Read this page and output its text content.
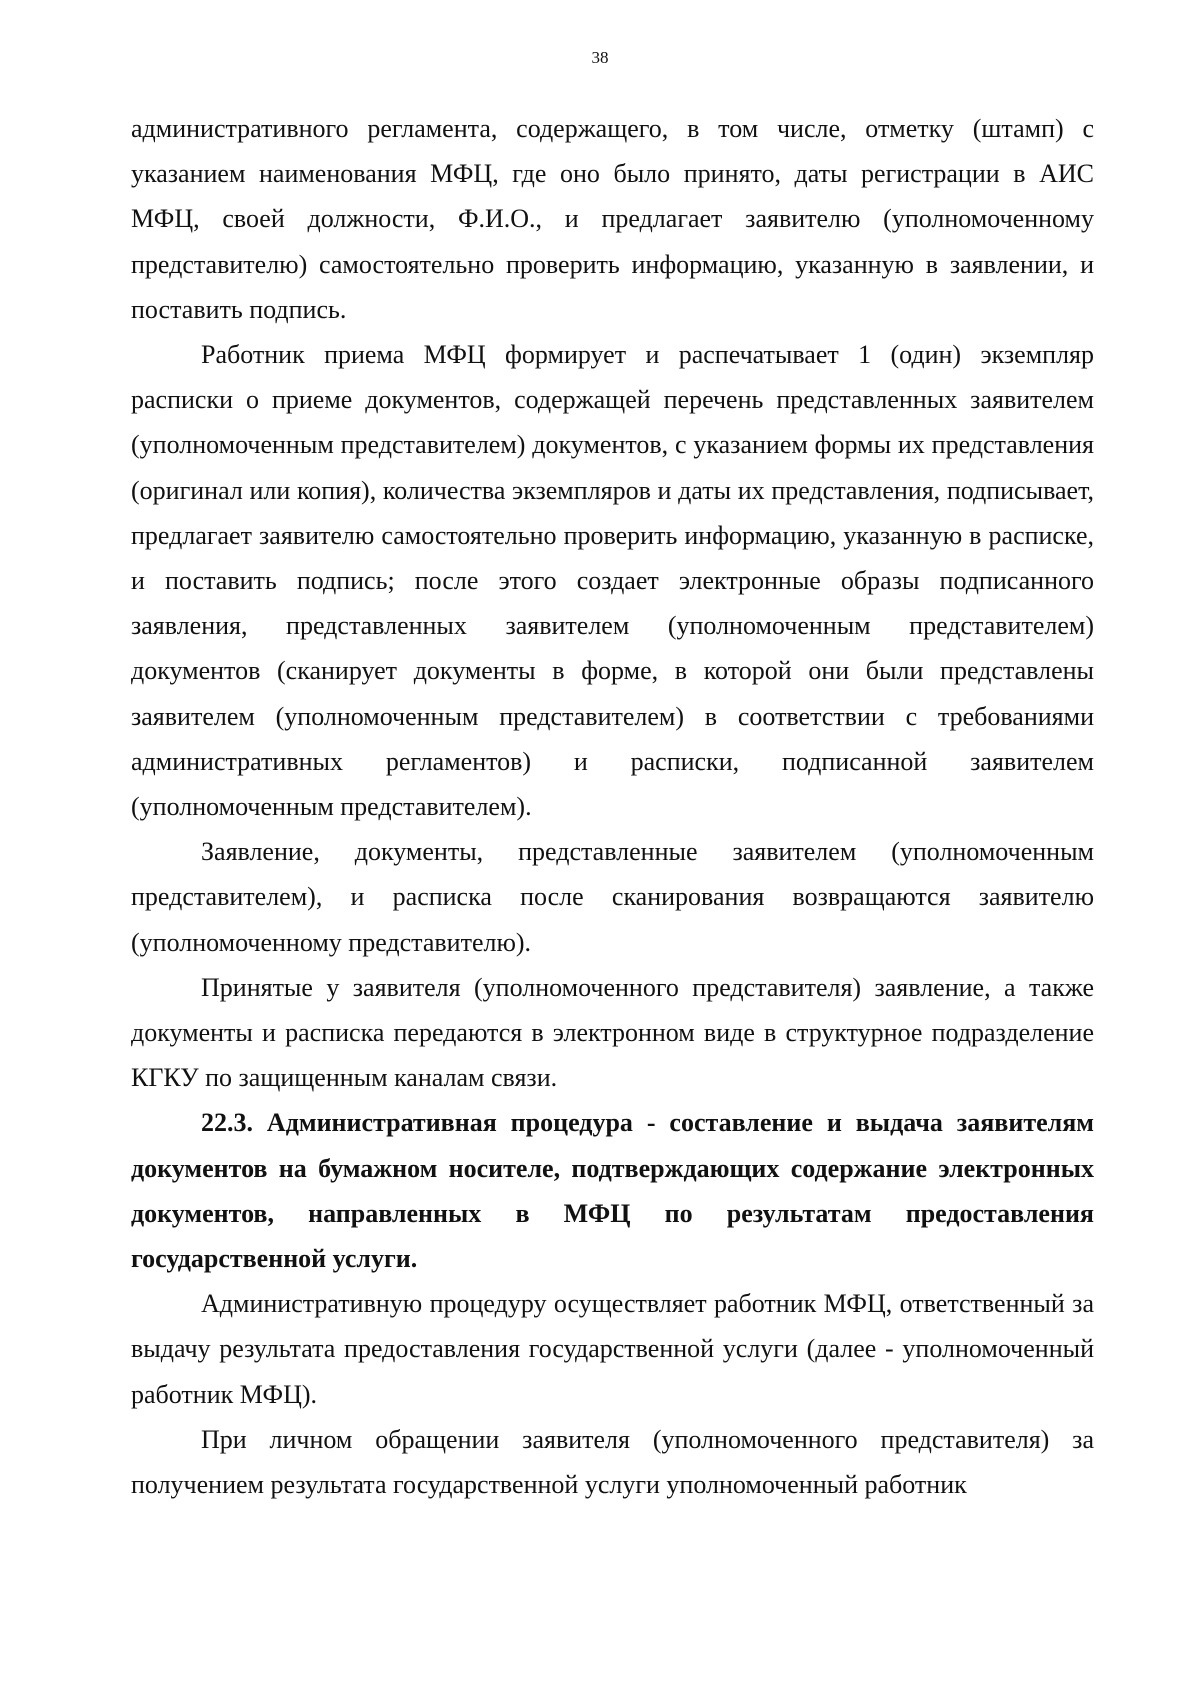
38

административного регламента, содержащего, в том числе, отметку (штамп) с указанием наименования МФЦ, где оно было принято, даты регистрации в АИС МФЦ, своей должности, Ф.И.О., и предлагает заявителю (уполномоченному представителю) самостоятельно проверить информацию, указанную в заявлении, и поставить подпись.

Работник приема МФЦ формирует и распечатывает 1 (один) экземпляр расписки о приеме документов, содержащей перечень представленных заявителем (уполномоченным представителем) документов, с указанием формы их представления (оригинал или копия), количества экземпляров и даты их представления, подписывает, предлагает заявителю самостоятельно проверить информацию, указанную в расписке, и поставить подпись; после этого создает электронные образы подписанного заявления, представленных заявителем (уполномоченным представителем) документов (сканирует документы в форме, в которой они были представлены заявителем (уполномоченным представителем) в соответствии с требованиями административных регламентов) и расписки, подписанной заявителем (уполномоченным представителем).

Заявление, документы, представленные заявителем (уполномоченным представителем), и расписка после сканирования возвращаются заявителю (уполномоченному представителю).

Принятые у заявителя (уполномоченного представителя) заявление, а также документы и расписка передаются в электронном виде в структурное подразделение КГКУ по защищенным каналам связи.

22.3. Административная процедура - составление и выдача заявителям документов на бумажном носителе, подтверждающих содержание электронных документов, направленных в МФЦ по результатам предоставления государственной услуги.

Административную процедуру осуществляет работник МФЦ, ответственный за выдачу результата предоставления государственной услуги (далее - уполномоченный работник МФЦ).

При личном обращении заявителя (уполномоченного представителя) за получением результата государственной услуги уполномоченный работник
